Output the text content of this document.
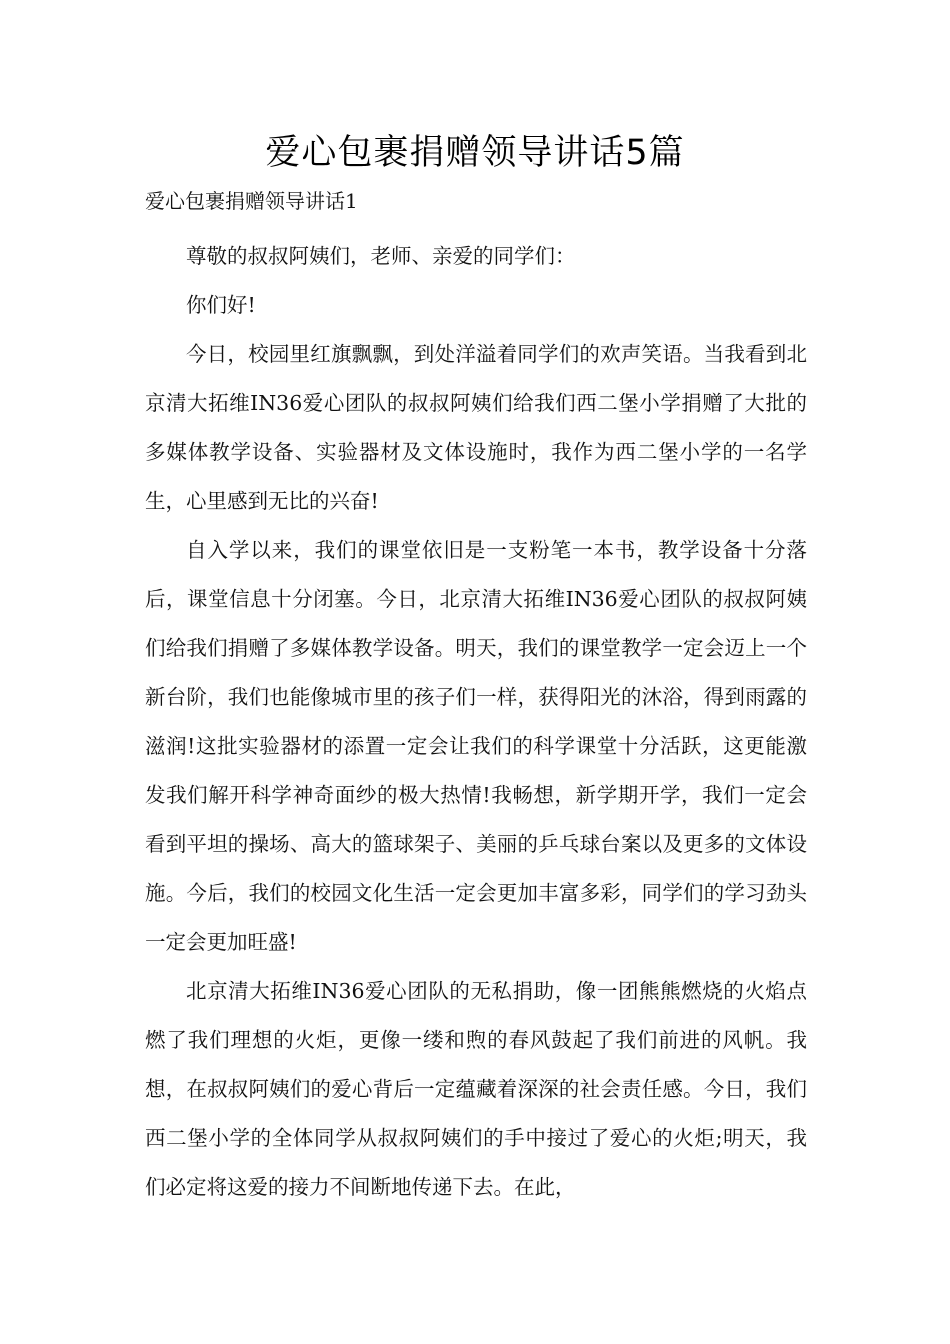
爱心包裹捐赠领导讲话5篇
爱心包裹捐赠领导讲话1

尊敬的叔叔阿姨们，老师、亲爱的同学们：

你们好!

今日，校园里红旗飘飘，到处洋溢着同学们的欢声笑语。当我看到北京清大拓维IN36爱心团队的叔叔阿姨们给我们西二堡小学捐赠了大批的多媒体教学设备、实验器材及文体设施时，我作为西二堡小学的一名学生，心里感到无比的兴奋!

自入学以来，我们的课堂依旧是一支粉笔一本书，教学设备十分落后，课堂信息十分闭塞。今日，北京清大拓维IN36爱心团队的叔叔阿姨们给我们捐赠了多媒体教学设备。明天，我们的课堂教学一定会迈上一个新台阶，我们也能像城市里的孩子们一样，获得阳光的沐浴，得到雨露的滋润!这批实验器材的添置一定会让我们的科学课堂十分活跃，这更能激发我们解开科学神奇面纱的极大热情!我畅想，新学期开学，我们一定会看到平坦的操场、高大的篮球架子、美丽的乒乓球台案以及更多的文体设施。今后，我们的校园文化生活一定会更加丰富多彩，同学们的学习劲头一定会更加旺盛!

北京清大拓维IN36爱心团队的无私捐助，像一团熊熊燃烧的火焰点燃了我们理想的火炬，更像一缕和煦的春风鼓起了我们前进的风帆。我想，在叔叔阿姨们的爱心背后一定蕴藏着深深的社会责任感。今日，我们西二堡小学的全体同学从叔叔阿姨们的手中接过了爱心的火炬;明天，我们必定将这爱的接力不间断地传递下去。在此，
